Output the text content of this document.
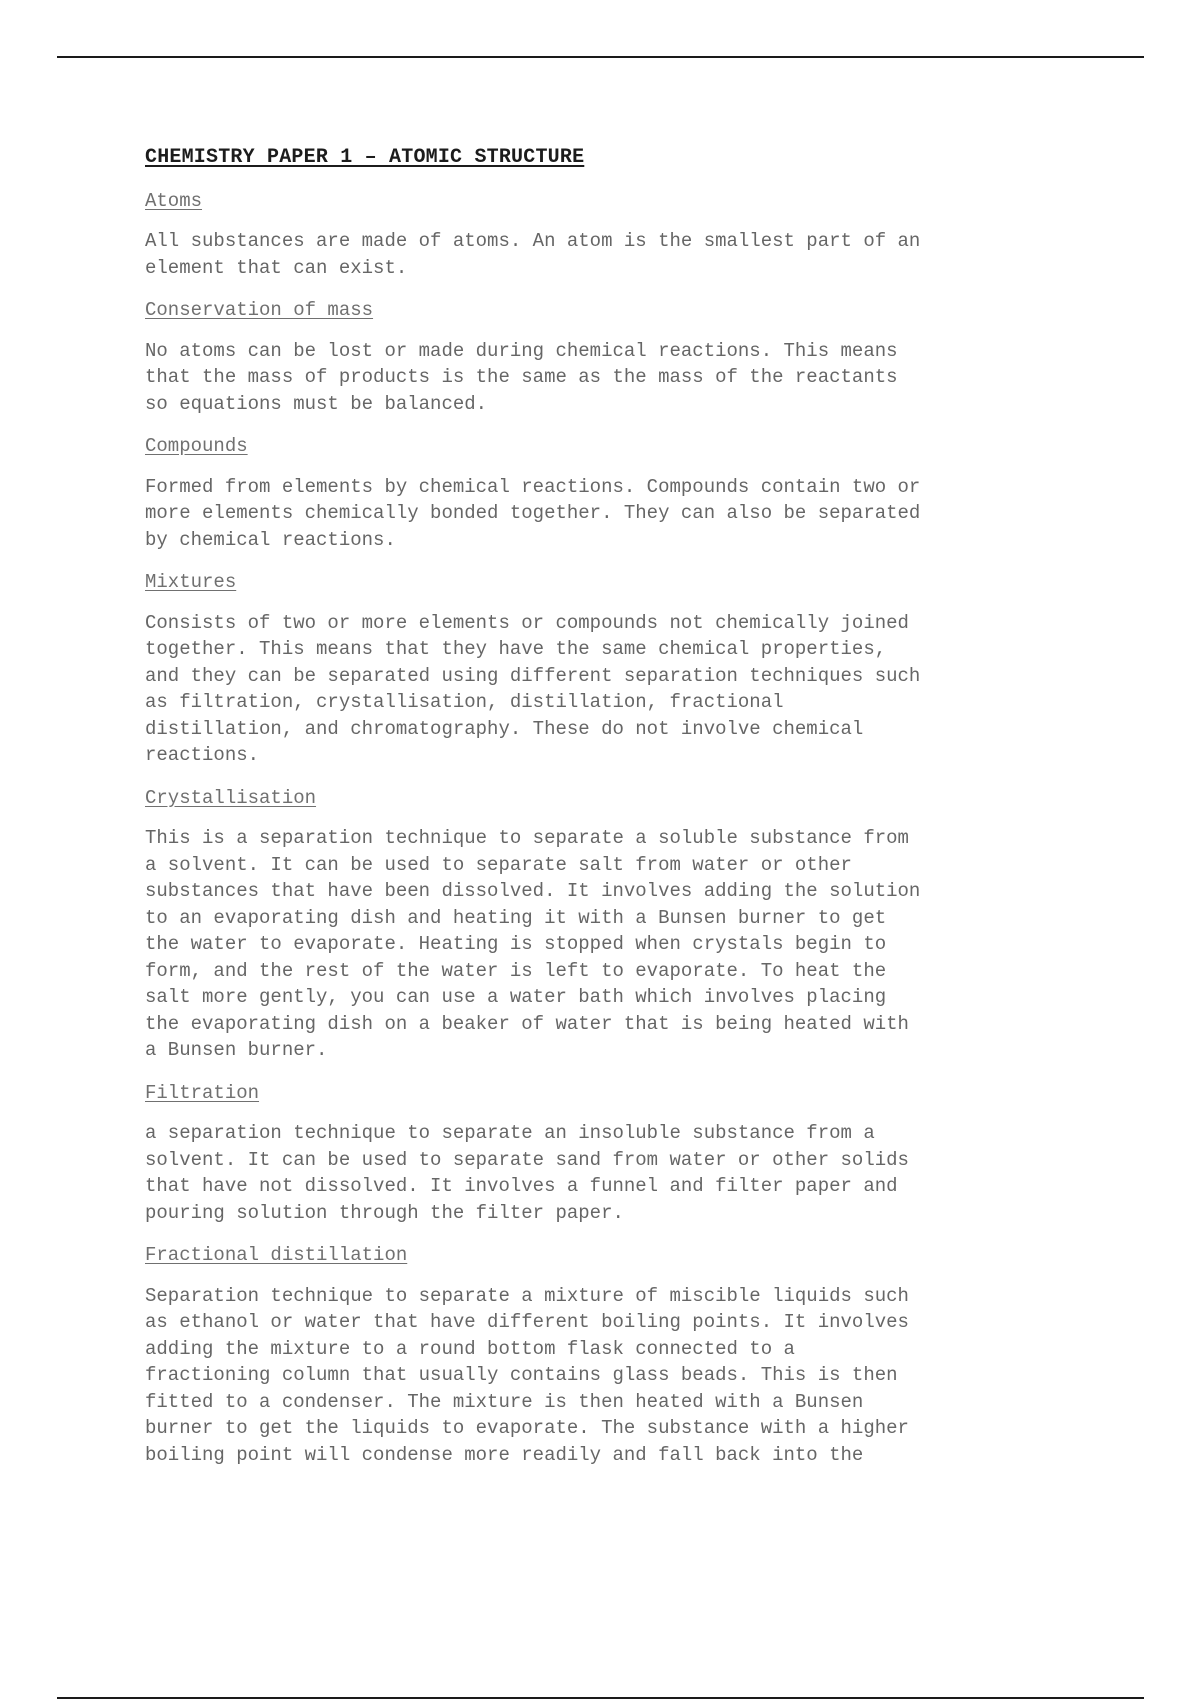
CHEMISTRY PAPER 1 – ATOMIC STRUCTURE
Atoms

All substances are made of atoms. An atom is the smallest part of an
element that can exist.

Conservation of mass

No atoms can be lost or made during chemical reactions. This means
that the mass of products is the same as the mass of the reactants
so equations must be balanced.

Compounds

Formed from elements by chemical reactions. Compounds contain two or
more elements chemically bonded together. They can also be separated
by chemical reactions.

Mixtures

Consists of two or more elements or compounds not chemically joined
together. This means that they have the same chemical properties,
and they can be separated using different separation techniques such
as filtration, crystallisation, distillation, fractional
distillation, and chromatography. These do not involve chemical
reactions.

Crystallisation

This is a separation technique to separate a soluble substance from
a solvent. It can be used to separate salt from water or other
substances that have been dissolved. It involves adding the solution
to an evaporating dish and heating it with a Bunsen burner to get
the water to evaporate. Heating is stopped when crystals begin to
form, and the rest of the water is left to evaporate. To heat the
salt more gently, you can use a water bath which involves placing
the evaporating dish on a beaker of water that is being heated with
a Bunsen burner.

Filtration

a separation technique to separate an insoluble substance from a
solvent. It can be used to separate sand from water or other solids
that have not dissolved. It involves a funnel and filter paper and
pouring solution through the filter paper.

Fractional distillation

Separation technique to separate a mixture of miscible liquids such
as ethanol or water that have different boiling points. It involves
adding the mixture to a round bottom flask connected to a
fractioning column that usually contains glass beads. This is then
fitted to a condenser. The mixture is then heated with a Bunsen
burner to get the liquids to evaporate. The substance with a higher
boiling point will condense more readily and fall back into the
